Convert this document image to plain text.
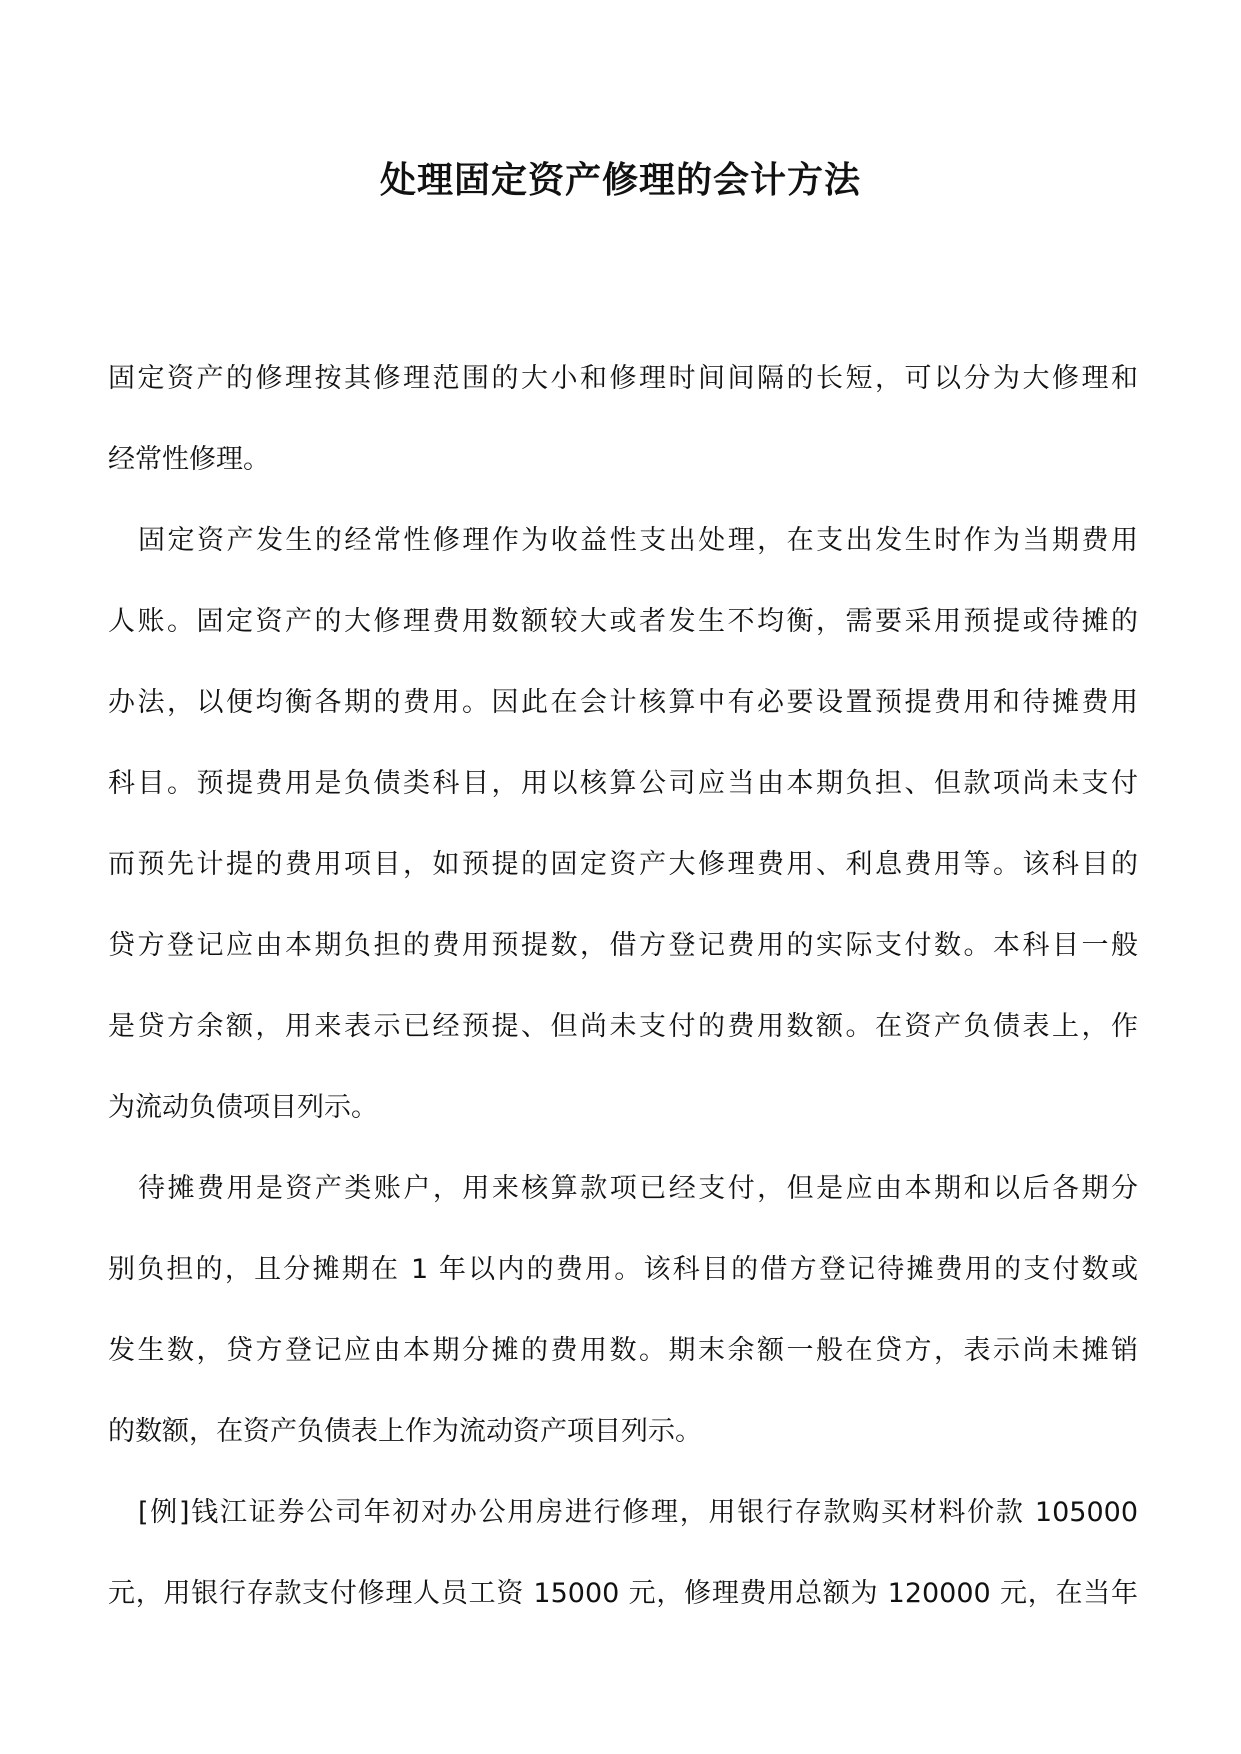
处理固定资产修理的会计方法
固定资产的修理按其修理范围的大小和修理时间间隔的长短，可以分为大修理和
经常性修理。
固定资产发生的经常性修理作为收益性支出处理，在支出发生时作为当期费用
人账。固定资产的大修理费用数额较大或者发生不均衡，需要采用预提或待摊的
办法，以便均衡各期的费用。因此在会计核算中有必要设置预提费用和待摊费用
科目。预提费用是负债类科目，用以核算公司应当由本期负担、但款项尚未支付
而预先计提的费用项目，如预提的固定资产大修理费用、利息费用等。该科目的
贷方登记应由本期负担的费用预提数，借方登记费用的实际支付数。本科目一般
是贷方余额，用来表示已经预提、但尚未支付的费用数额。在资产负债表上，作
为流动负债项目列示。
待摊费用是资产类账户，用来核算款项已经支付，但是应由本期和以后各期分
别负担的，且分摊期在 1 年以内的费用。该科目的借方登记待摊费用的支付数或
发生数，贷方登记应由本期分摊的费用数。期末余额一般在贷方，表示尚未摊销
的数额，在资产负债表上作为流动资产项目列示。
[例]钱江证券公司年初对办公用房进行修理，用银行存款购买材料价款 105000
元，用银行存款支付修理人员工资 15000 元，修理费用总额为 120000 元，在当年
